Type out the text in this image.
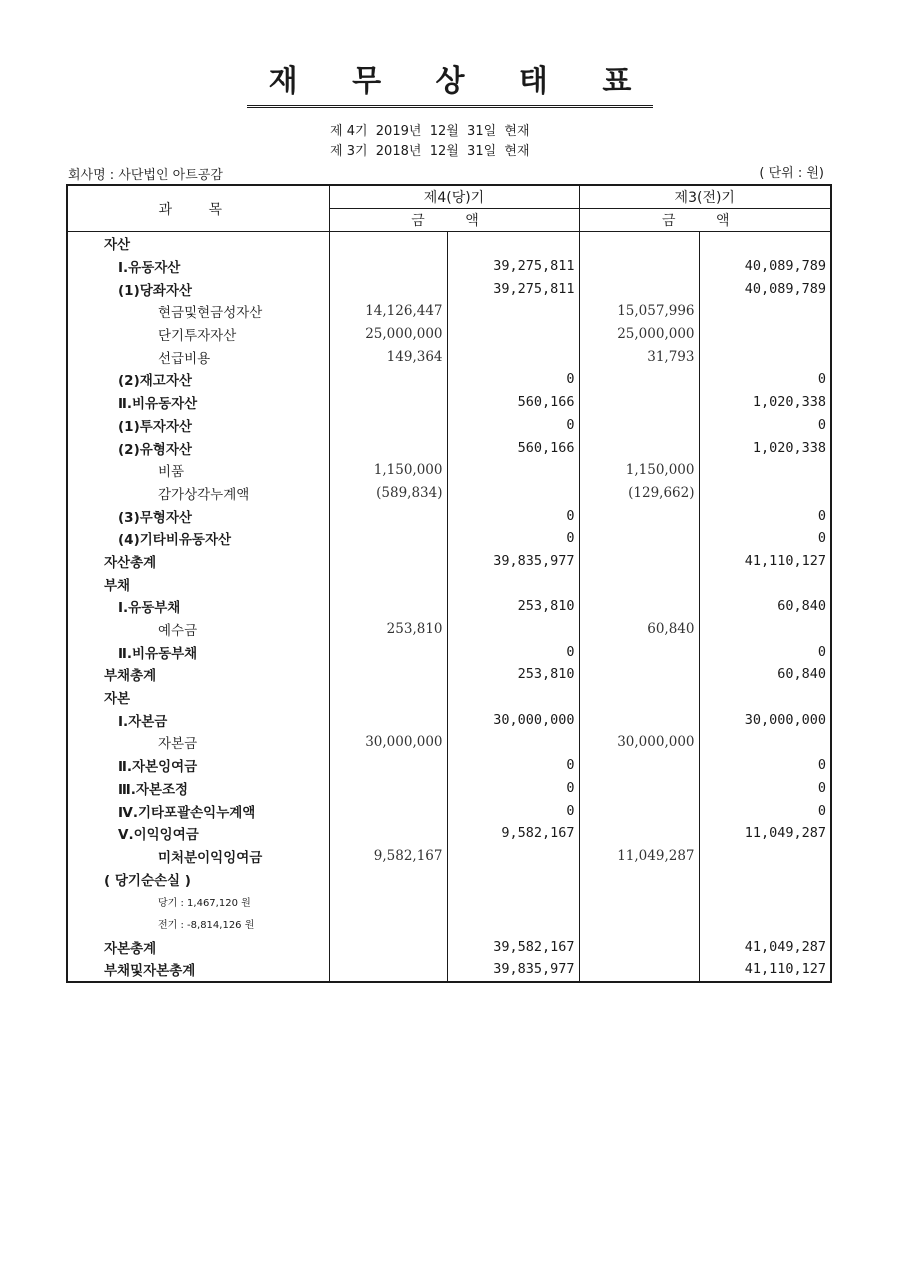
재 무 상 태 표
제 4기  2019년  12월  31일  현재
제 3기  2018년  12월  31일  현재
회사명 : 사단법인 아트공감	( 단위 : 원)
과 목	제4(당)기		제3(전)기	
	금 액		금 액	
자산				
Ⅰ.유동자산		39,275,811		40,089,789
(1)당좌자산		39,275,811		40,089,789
현금및현금성자산	14,126,447		15,057,996	
단기투자자산	25,000,000		25,000,000	
선급비용	149,364		31,793	
(2)재고자산		0		0
Ⅱ.비유동자산		560,166		1,020,338
(1)투자자산		0		0
(2)유형자산		560,166		1,020,338
비품	1,150,000		1,150,000	
감가상각누계액	(589,834)		(129,662)	
(3)무형자산		0		0
(4)기타비유동자산		0		0
자산총계		39,835,977		41,110,127
부채				
Ⅰ.유동부채		253,810		60,840
예수금	253,810		60,840	
Ⅱ.비유동부채		0		0
부채총계		253,810		60,840
자본				
Ⅰ.자본금		30,000,000		30,000,000
자본금	30,000,000		30,000,000	
Ⅱ.자본잉여금		0		0
Ⅲ.자본조정		0		0
Ⅳ.기타포괄손익누계액		0		0
Ⅴ.이익잉여금		9,582,167		11,049,287
미처분이익잉여금	9,582,167		11,049,287	
( 당기순손실 )				
당기 : 1,467,120 원				
전기 : -8,814,126 원				
자본총계		39,582,167		41,049,287
부채및자본총계		39,835,977		41,110,127
